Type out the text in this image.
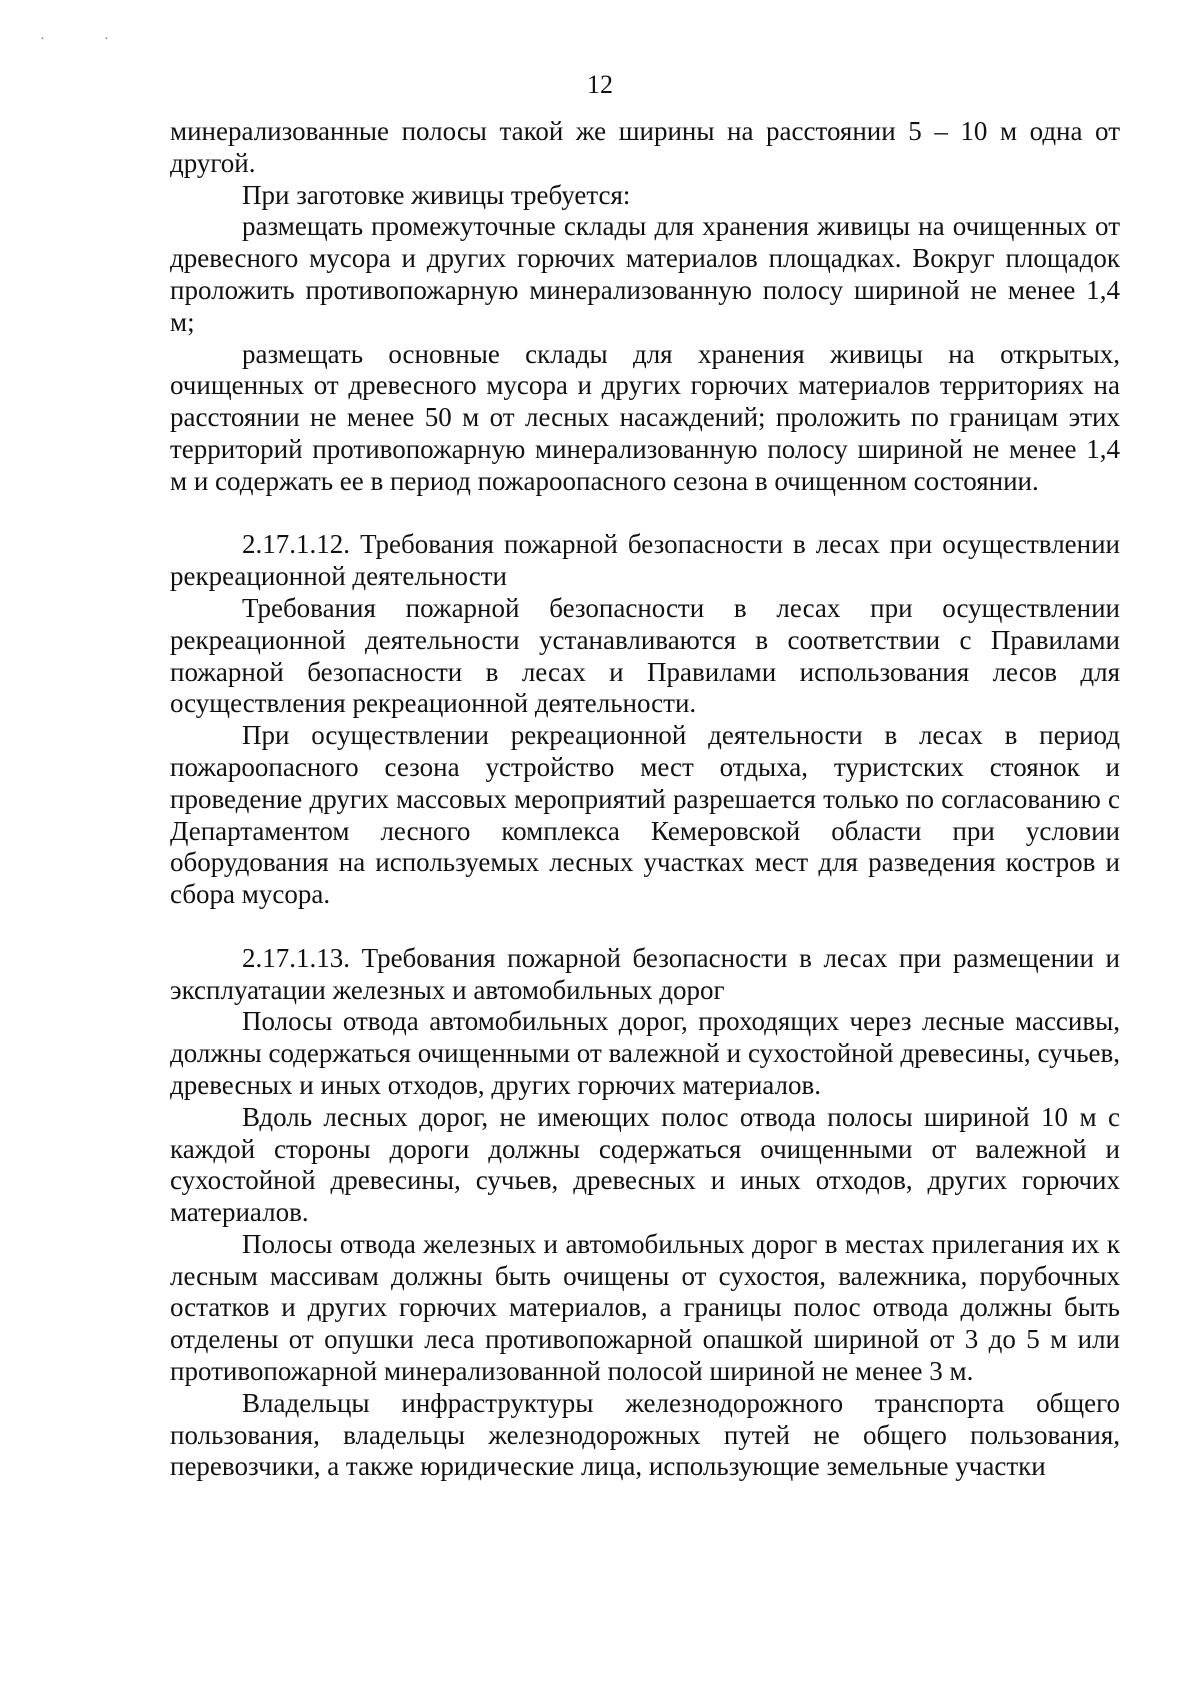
· ·
12

минерализованные полосы такой же ширины на расстоянии 5 – 10 м одна от другой.

При заготовке живицы требуется:

размещать промежуточные склады для хранения живицы на очищенных от древесного мусора и других горючих материалов площадках. Вокруг площадок проложить противопожарную минерализованную полосу шириной не менее 1,4 м;

размещать основные склады для хранения живицы на открытых, очищенных от древесного мусора и других горючих материалов территориях на расстоянии не менее 50 м от лесных насаждений; проложить по границам этих территорий противопожарную минерализованную полосу шириной не менее 1,4 м и содержать ее в период пожароопасного сезона в очищенном состоянии.

2.17.1.12. Требования пожарной безопасности в лесах при осуществлении рекреационной деятельности

Требования пожарной безопасности в лесах при осуществлении рекреационной деятельности устанавливаются в соответствии с Правилами пожарной безопасности в лесах и Правилами использования лесов для осуществления рекреационной деятельности.

При осуществлении рекреационной деятельности в лесах в период пожароопасного сезона устройство мест отдыха, туристских стоянок и проведение других массовых мероприятий разрешается только по согласованию с Департаментом лесного комплекса Кемеровской области при условии оборудования на используемых лесных участках мест для разведения костров и сбора мусора.

2.17.1.13. Требования пожарной безопасности в лесах при размещении и эксплуатации железных и автомобильных дорог

Полосы отвода автомобильных дорог, проходящих через лесные массивы, должны содержаться очищенными от валежной и сухостойной древесины, сучьев, древесных и иных отходов, других горючих материалов.

Вдоль лесных дорог, не имеющих полос отвода полосы шириной 10 м с каждой стороны дороги должны содержаться очищенными от валежной и сухостойной древесины, сучьев, древесных и иных отходов, других горючих материалов.

Полосы отвода железных и автомобильных дорог в местах прилегания их к лесным массивам должны быть очищены от сухостоя, валежника, порубочных остатков и других горючих материалов, а границы полос отвода должны быть отделены от опушки леса противопожарной опашкой шириной от 3 до 5 м или противопожарной минерализованной полосой шириной не менее 3 м.

Владельцы инфраструктуры железнодорожного транспорта общего пользования, владельцы железнодорожных путей не общего пользования, перевозчики, а также юридические лица, использующие земельные участки
